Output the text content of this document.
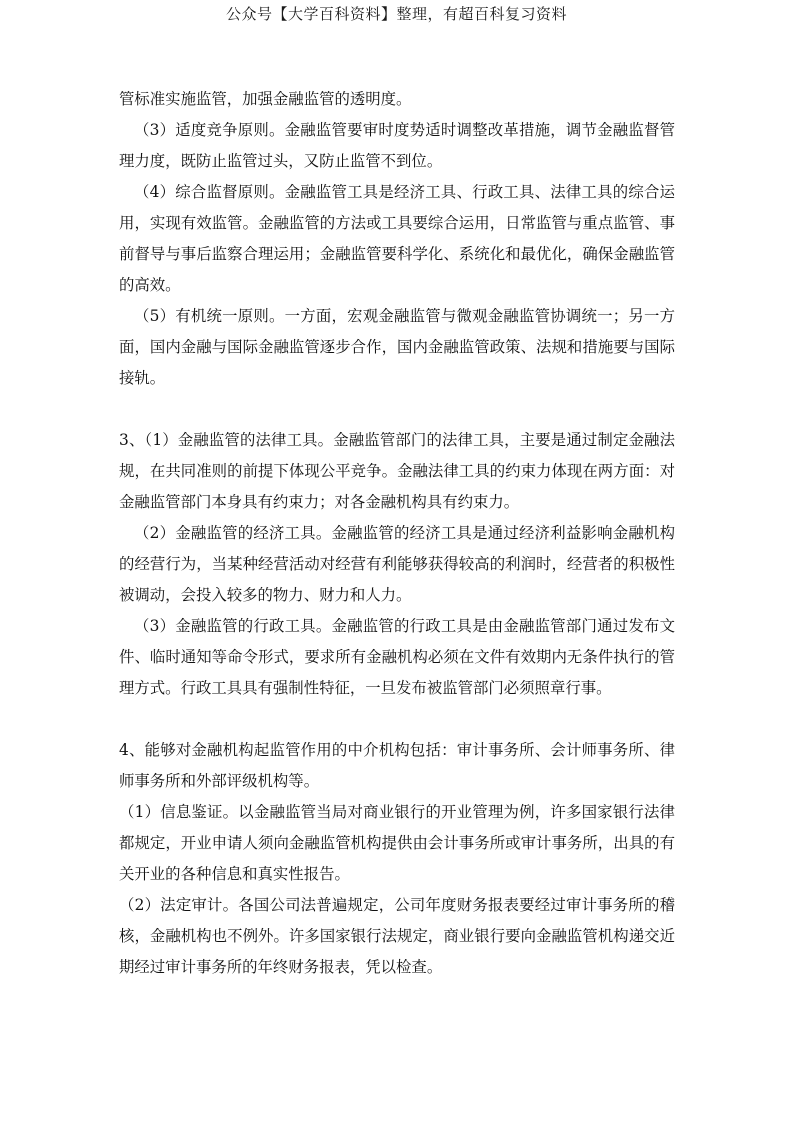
公众号【大学百科资料】整理，有超百科复习资料

管标准实施监管，加强金融监管的透明度。

（3）适度竞争原则。金融监管要审时度势适时调整改革措施，调节金融监督管理力度，既防止监管过头，又防止监管不到位。

（4）综合监督原则。金融监管工具是经济工具、行政工具、法律工具的综合运用，实现有效监管。金融监管的方法或工具要综合运用，日常监管与重点监管、事前督导与事后监察合理运用；金融监管要科学化、系统化和最优化，确保金融监管的高效。

（5）有机统一原则。一方面，宏观金融监管与微观金融监管协调统一；另一方面，国内金融与国际金融监管逐步合作，国内金融监管政策、法规和措施要与国际接轨。

3、（1）金融监管的法律工具。金融监管部门的法律工具，主要是通过制定金融法规，在共同准则的前提下体现公平竞争。金融法律工具的约束力体现在两方面：对金融监管部门本身具有约束力；对各金融机构具有约束力。

（2）金融监管的经济工具。金融监管的经济工具是通过经济利益影响金融机构的经营行为，当某种经营活动对经营有利能够获得较高的利润时，经营者的积极性被调动，会投入较多的物力、财力和人力。

（3）金融监管的行政工具。金融监管的行政工具是由金融监管部门通过发布文件、临时通知等命令形式，要求所有金融机构必须在文件有效期内无条件执行的管理方式。行政工具具有强制性特征，一旦发布被监管部门必须照章行事。

4、能够对金融机构起监管作用的中介机构包括：审计事务所、会计师事务所、律师事务所和外部评级机构等。

（1）信息鉴证。以金融监管当局对商业银行的开业管理为例，许多国家银行法律都规定，开业申请人须向金融监管机构提供由会计事务所或审计事务所，出具的有关开业的各种信息和真实性报告。

（2）法定审计。各国公司法普遍规定，公司年度财务报表要经过审计事务所的稽核，金融机构也不例外。许多国家银行法规定，商业银行要向金融监管机构递交近期经过审计事务所的年终财务报表，凭以检查。
